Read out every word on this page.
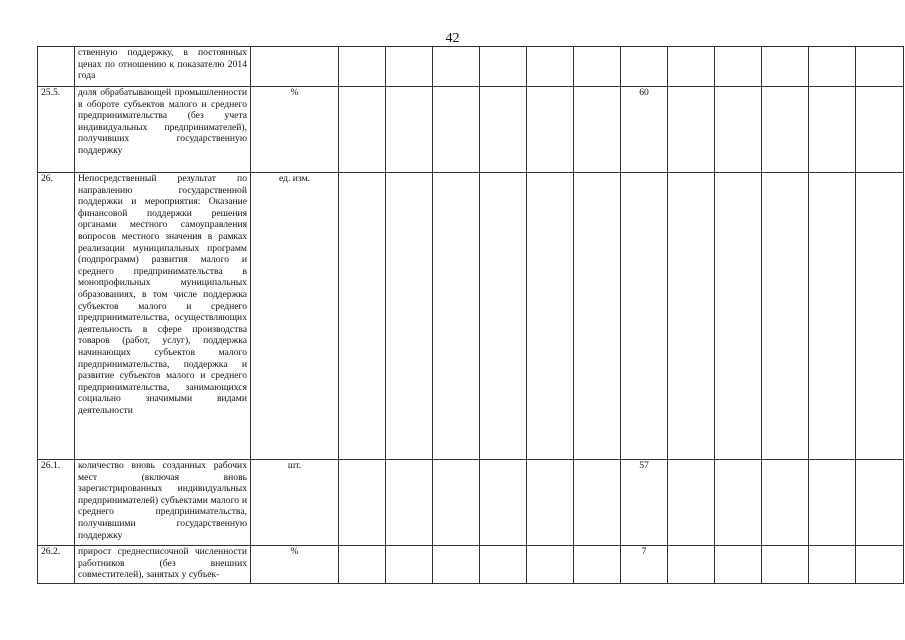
42
	ственную поддержку, в постоянных ценах по отношению к показателю 2014 года													
25.5.	доля обрабатывающей промышленности в обороте субъектов малого и среднего предпринимательства (без учета индивидуальных предпринимателей), получивших государственную поддержку	%							60					
26.	Непосредственный результат по направлению государственной поддержки и мероприятия: Оказание финансовой поддержки решения органами местного самоуправления вопросов местного значения в рамках реализации муниципальных программ (подпрограмм) развития малого и среднего предпринимательства в монопрофильных муниципальных образованиях, в том числе поддержка субъектов малого и среднего предпринимательства, осуществляющих деятельность в сфере производства товаров (работ, услуг), поддержка начинающих субъектов малого предпринимательства, поддержка и развитие субъектов малого и среднего предпринимательства, занимающихся социально значимыми видами деятельности	ед. изм.												
26.1.	количество вновь созданных рабочих мест (включая вновь зарегистрированных индивидуальных предпринимателей) субъектами малого и среднего предпринимательства, получившими государственную поддержку	шт.							57					
26.2.	прирост среднесписочной численности работников (без внешних совместителей), занятых у субъек-	%							7					
